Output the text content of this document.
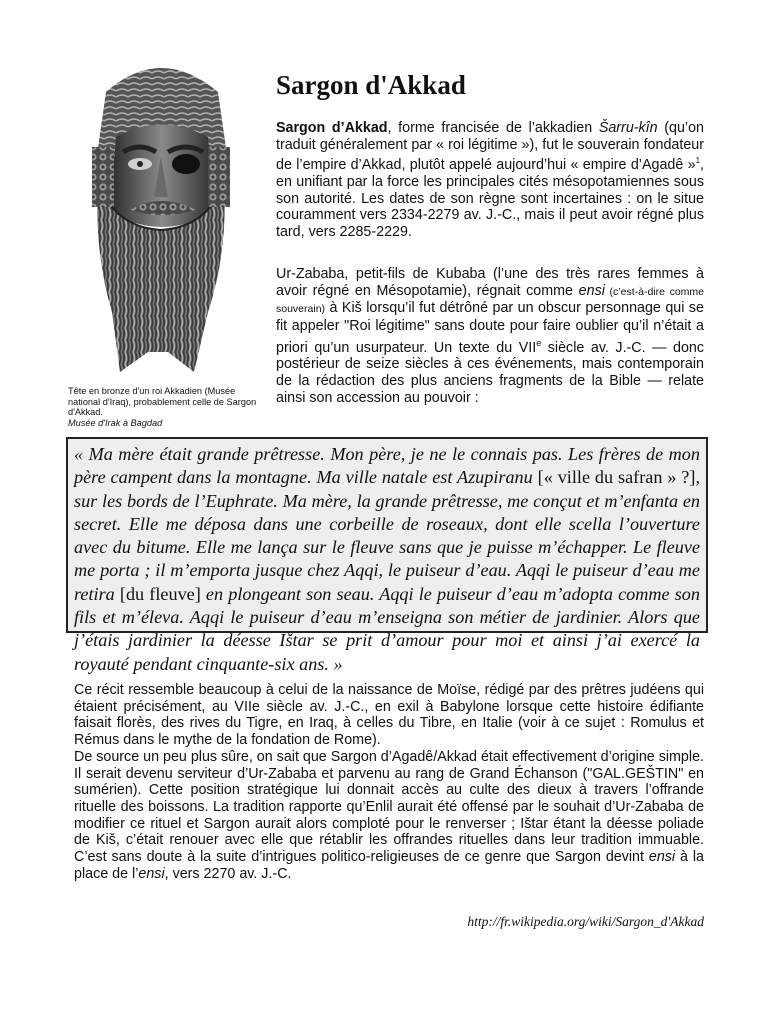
Tête en bronze d'un roi Akkadien (Musée national d'Iraq), probablement celle de Sargon d'Akkad.
Musée d'Irak à Bagdad
Sargon d'Akkad

Sargon d’Akkad, forme francisée de l’akkadien Šarru-kîn (qu’on traduit généralement par « roi légitime »), fut le souverain fondateur de l’empire d’Akkad, plutôt appelé aujourd’hui « empire d’Agadê »$^1$, en unifiant par la force les principales cités mésopotamiennes sous son autorité. Les dates de son règne sont incertaines : on le situe couramment vers 2334-2279 av. J.-C., mais il peut avoir régné plus tard, vers 2285-2229.

Ur-Zababa, petit-fils de Kubaba (l’une des très rares femmes à avoir régné en Mésopotamie), régnait comme ensi (c’est-à-dire comme souverain) à Kiš lorsqu’il fut détrôné par un obscur personnage qui se fit appeler "Roi légitime" sans doute pour faire oublier qu’il n’était a priori qu’un usurpateur. Un texte du VIIe siècle av. J.-C. — donc postérieur de seize siècles à ces événements, mais contemporain de la rédaction des plus anciens fragments de la Bible — relate ainsi son accession au pouvoir :

« Ma mère était grande prêtresse. Mon père, je ne le connais pas. Les frères de mon père campent dans la montagne. Ma ville natale est Azupiranu [« ville du safran » ?], sur les bords de l’Euphrate. Ma mère, la grande prêtresse, me conçut et m’enfanta en secret. Elle me déposa dans une corbeille de roseaux, dont elle scella l’ouverture avec du bitume. Elle me lança sur le fleuve sans que je puisse m’échapper. Le fleuve me porta ; il m’emporta jusque chez Aqqi, le puiseur d’eau. Aqqi le puiseur d’eau me retira [du fleuve] en plongeant son seau. Aqqi le puiseur d’eau m’adopta comme son fils et m’éleva. Aqqi le puiseur d’eau m’enseigna son métier de jardinier. Alors que j’étais jardinier la déesse Ištar se prit d’amour pour moi et ainsi j’ai exercé la royauté pendant cinquante-six ans. »
Ce récit ressemble beaucoup à celui de la naissance de Moïse, rédigé par des prêtres judéens qui étaient précisément, au VIIe siècle av. J.-C., en exil à Babylone lorsque cette histoire édifiante faisait florès, des rives du Tigre, en Iraq, à celles du Tibre, en Italie (voir à ce sujet : Romulus et Rémus dans le mythe de la fondation de Rome).
De source un peu plus sûre, on sait que Sargon d’Agadê/Akkad était effectivement d’origine simple. Il serait devenu serviteur d’Ur-Zababa et parvenu au rang de Grand Échanson ("GAL.GEŠTIN" en sumérien). Cette position stratégique lui donnait accès au culte des dieux à travers l’offrande rituelle des boissons. La tradition rapporte qu’Enlil aurait été offensé par le souhait d’Ur-Zababa de modifier ce rituel et Sargon aurait alors comploté pour le renverser ; Ištar étant la déesse poliade de Kiš, c’était renouer avec elle que rétablir les offrandes rituelles dans leur tradition immuable. C’est sans doute à la suite d’intrigues politico-religieuses de ce genre que Sargon devint ensi à la place de l’ensi, vers 2270 av. J.-C.
http://fr.wikipedia.org/wiki/Sargon_d'Akkad
